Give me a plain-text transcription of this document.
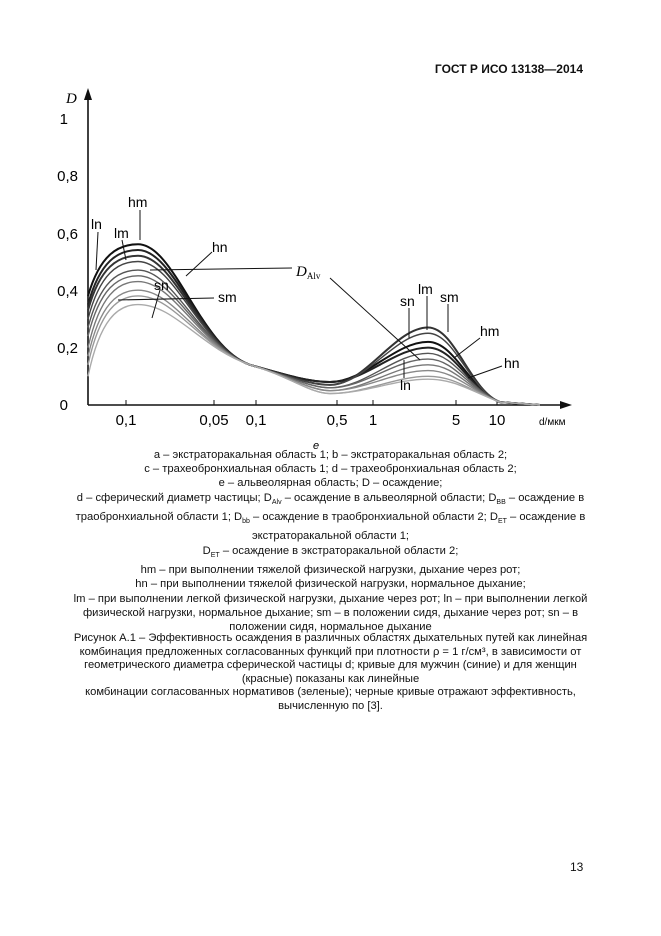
ГОСТ Р ИСО 13138—2014
D
d/мкм
0
0,2
0,4
0,6
0,8
1
0,1	0,05 0,1	0,5 1	5 10
hm
ln
lm
hn
sn
sm	sn
lm sm
hm
hn
ln
$D_{Alv}$
e

a – экстраторакальная область 1; b – экстраторакальная область 2;

c – трахеобронхиальная область 1; d – трахеобронхиальная область 2;

e – альвеолярная область; D – осаждение;

d – сферический диаметр частицы; $D_{Alv}$ – осаждение в альвеолярной области; $D_{BB}$ – осаждение в

траобронхиальной области 1; $D_{bb}$ – осаждение в траобронхиальной области 2; $D_{ET}$ – осаждение в

экстраторакальной области 1;

$D_{ET}$ – осаждение в экстраторакальной области 2;

hm – при выполнении тяжелой физической нагрузки, дыхание через рот;

hn – при выполнении тяжелой физической нагрузки, нормальное дыхание;

lm – при выполнении легкой физической нагрузки, дыхание через рот; ln – при выполнении легкой

физической нагрузки, нормальное дыхание; sm – в положении сидя, дыхание через рот; sn – в

положении сидя, нормальное дыхание

Рисунок А.1 – Эффективность осаждения в различных областях дыхательных путей как линейная

комбинация предложенных согласованных функций при плотности ρ = 1 г/см³, в зависимости от

геометрического диаметра сферической частицы d; кривые для мужчин (синие) и для женщин

(красные) показаны как линейные

комбинации согласованных нормативов (зеленые); черные кривые отражают эффективность,

вычисленную по [3].

13
